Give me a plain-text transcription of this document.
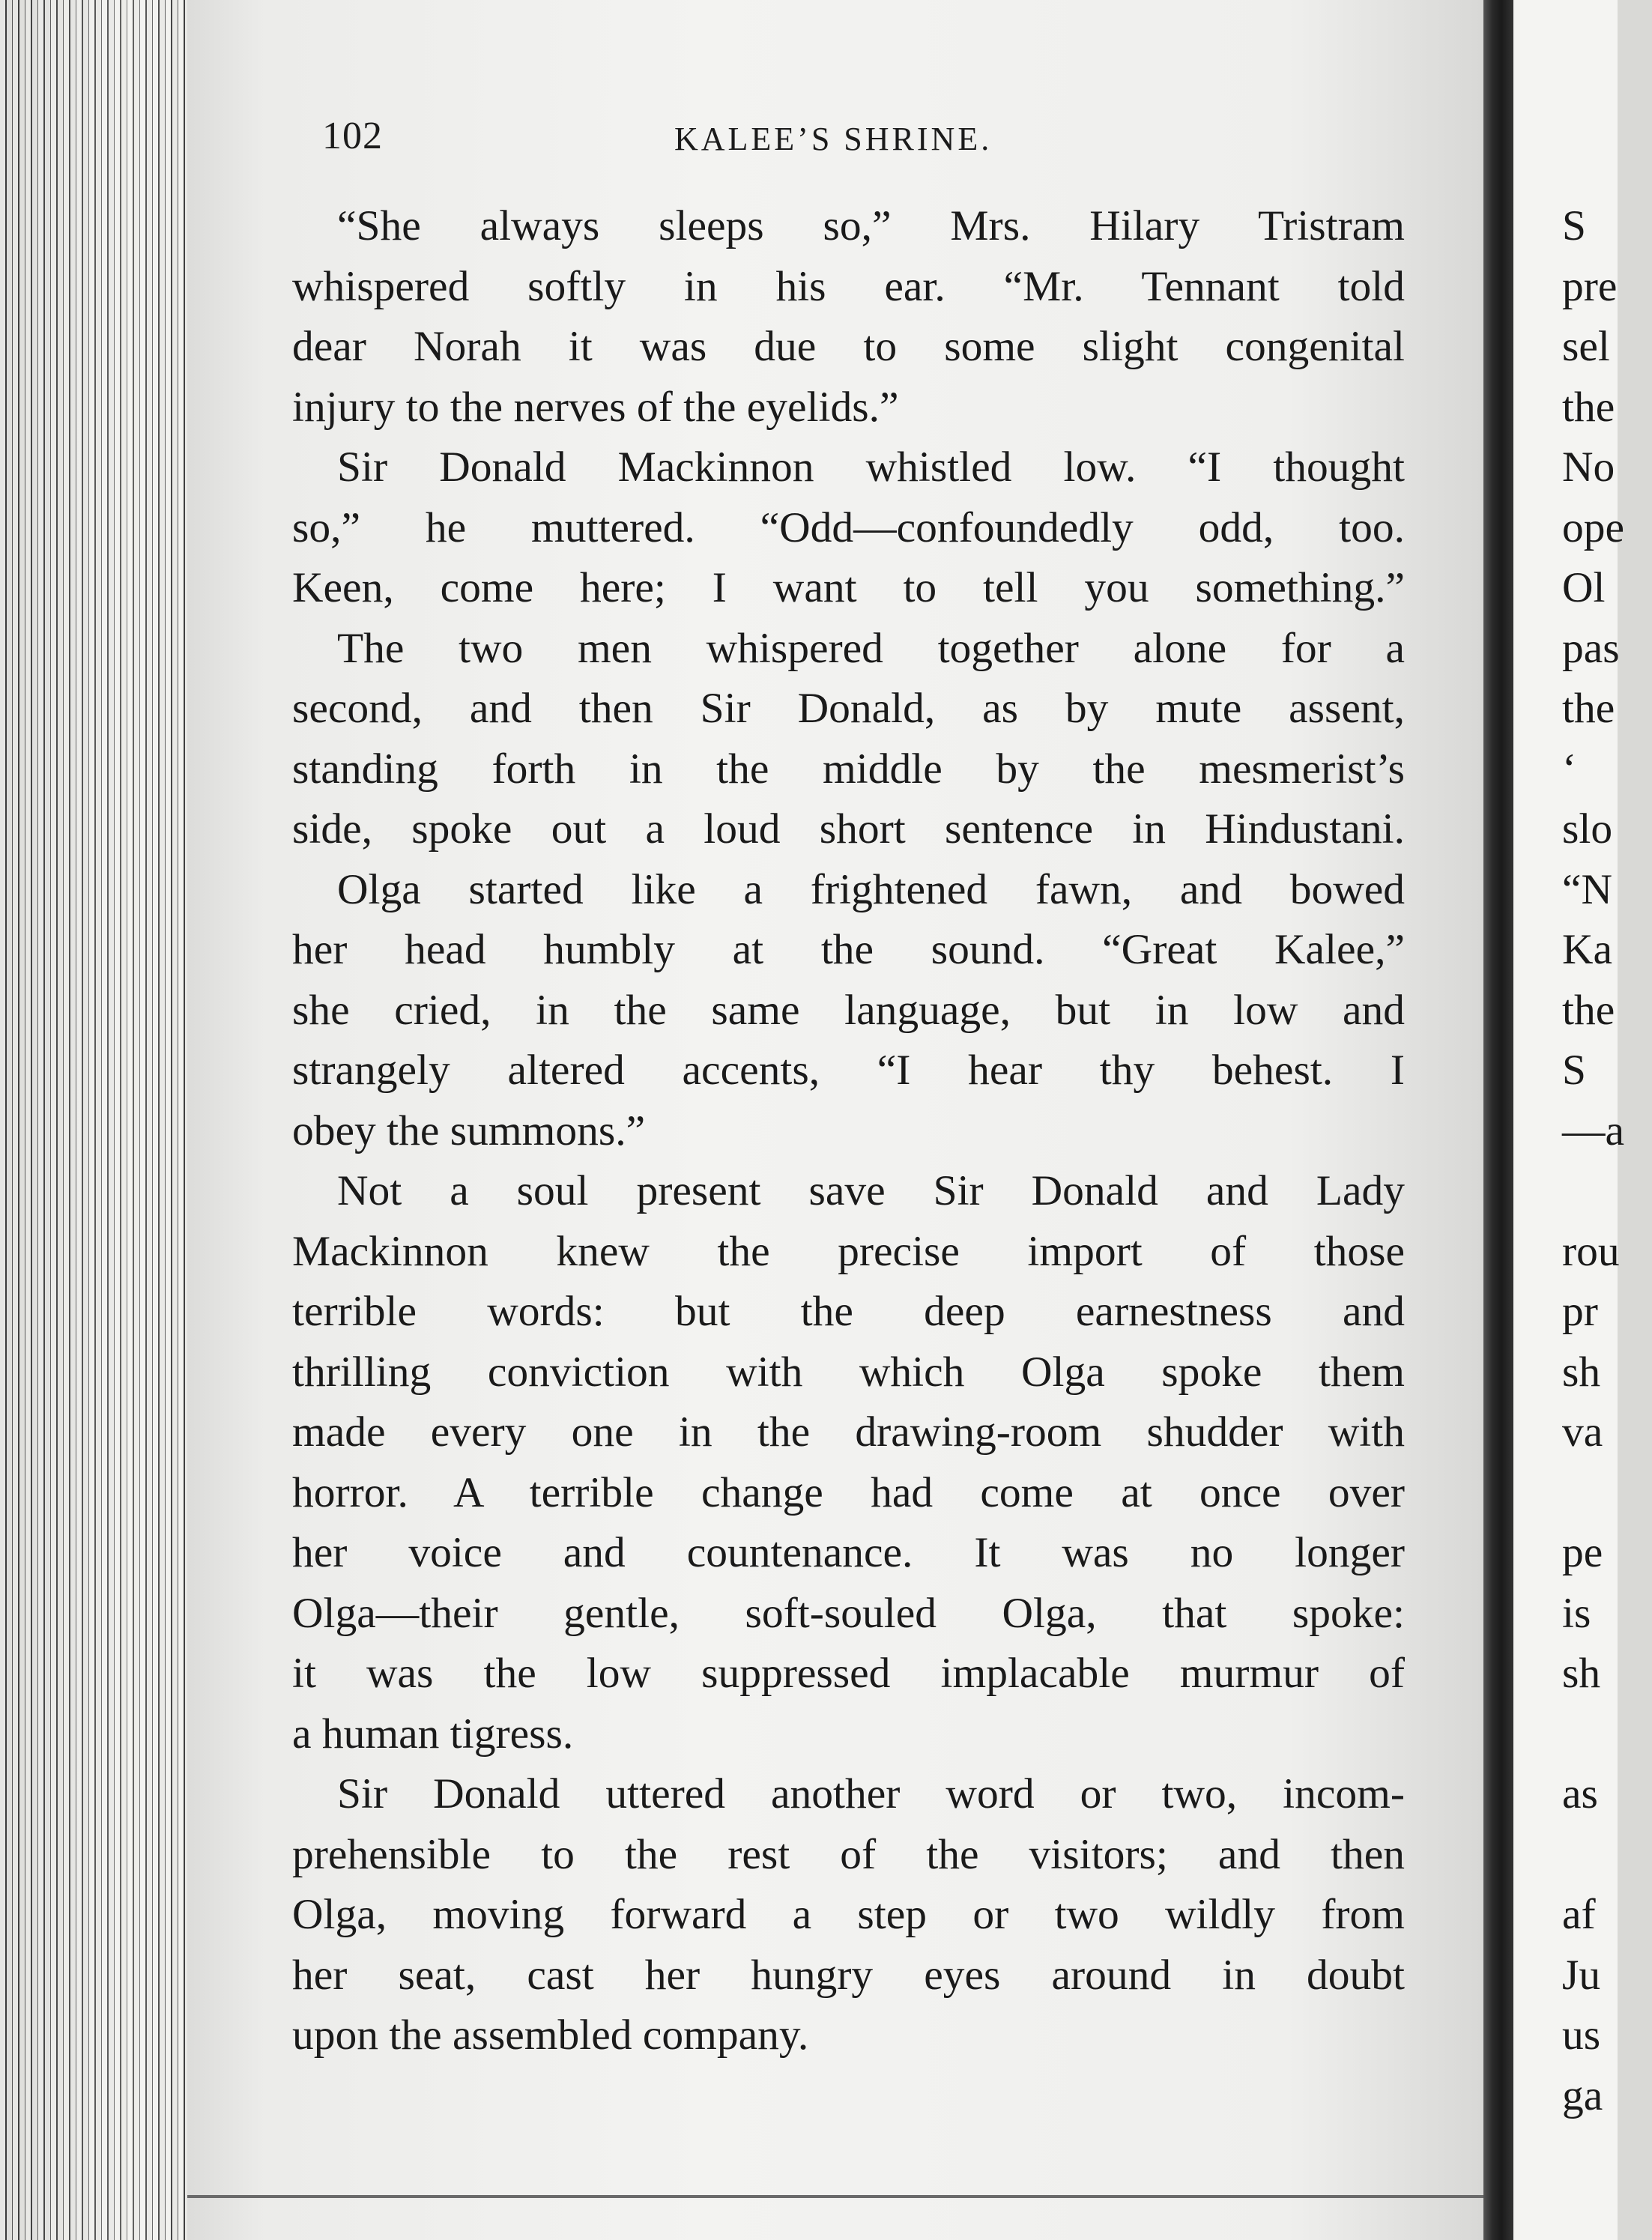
102	KALEE’S SHRINE.
“She always sleeps so,” Mrs. Hilary Tristram
whispered softly in his ear. “Mr. Tennant told
dear Norah it was due to some slight congenital
injury to the nerves of the eyelids.”
Sir Donald Mackinnon whistled low. “I thought
so,” he muttered. “Odd—confoundedly odd, too.
Keen, come here; I want to tell you something.”
The two men whispered together alone for a
second, and then Sir Donald, as by mute assent,
standing forth in the middle by the mesmerist’s
side, spoke out a loud short sentence in Hindustani.
Olga started like a frightened fawn, and bowed
her head humbly at the sound. “Great Kalee,”
she cried, in the same language, but in low and
strangely altered accents, “I hear thy behest. I
obey the summons.”
Not a soul present save Sir Donald and Lady
Mackinnon knew the precise import of those
terrible words: but the deep earnestness and
thrilling conviction with which Olga spoke them
made every one in the drawing-room shudder with
horror. A terrible change had come at once over
her voice and countenance. It was no longer
Olga—their gentle, soft-souled Olga, that spoke:
it was the low suppressed implacable murmur of
a human tigress.
Sir Donald uttered another word or two, incom-
prehensible to the rest of the visitors; and then
Olga, moving forward a step or two wildly from
her seat, cast her hungry eyes around in doubt
upon the assembled company.
S
pre
sel
the
No
ope
Ol
pas
the
‘
slo
“N
Ka
the
S
—a
rou
pr
sh
va
pe
is
sh
as
af
Ju
us
ga
